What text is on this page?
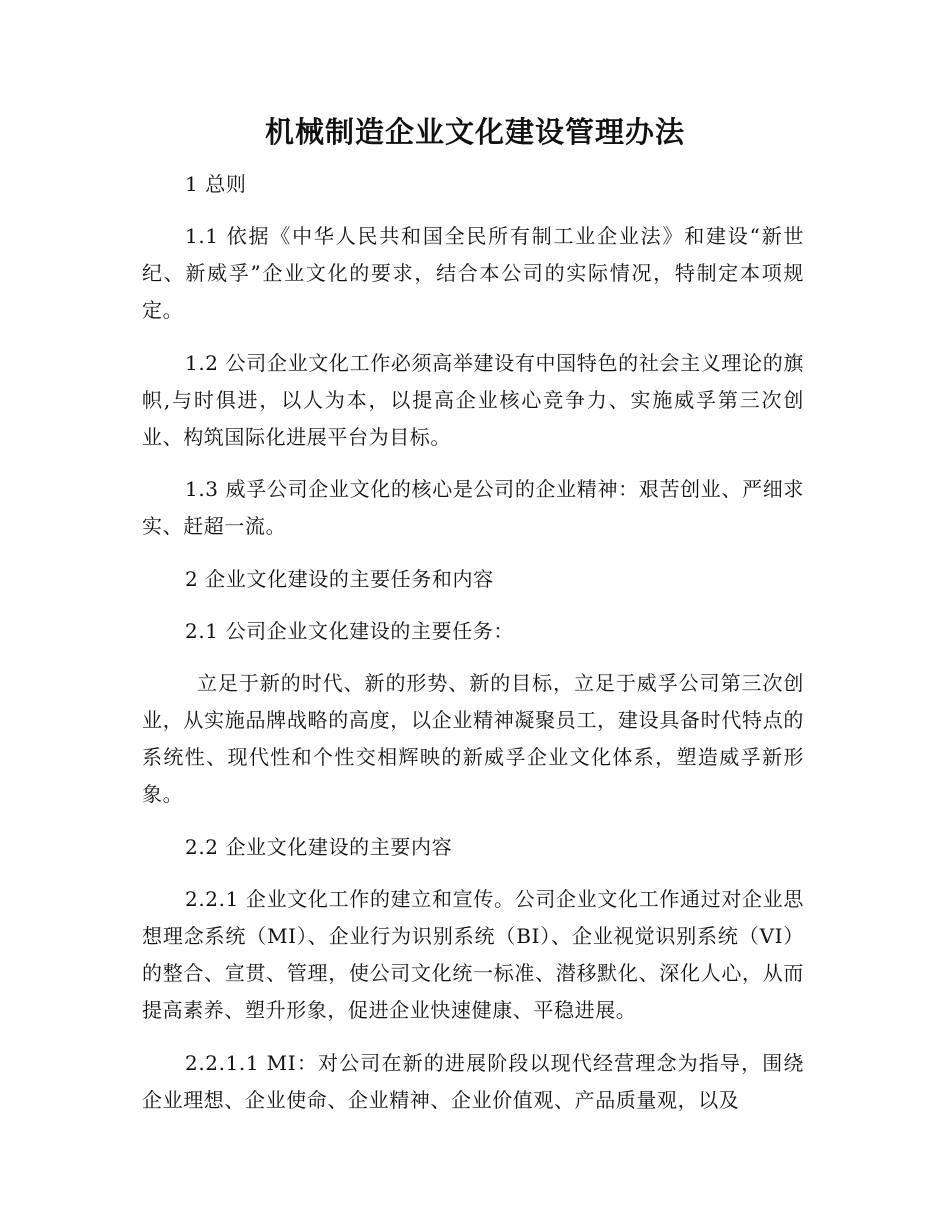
机械制造企业文化建设管理办法

1 总则

1.1 依据《中华人民共和国全民所有制工业企业法》和建设“新世纪、新威孚”企业文化的要求，结合本公司的实际情况，特制定本项规定。

1.2 公司企业文化工作必须高举建设有中国特色的社会主义理论的旗帜,与时俱进，以人为本，以提高企业核心竞争力、实施威孚第三次创业、构筑国际化进展平台为目标。

1.3 威孚公司企业文化的核心是公司的企业精神：艰苦创业、严细求实、赶超一流。

2 企业文化建设的主要任务和内容

2.1 公司企业文化建设的主要任务：

立足于新的时代、新的形势、新的目标，立足于威孚公司第三次创业，从实施品牌战略的高度，以企业精神凝聚员工，建设具备时代特点的系统性、现代性和个性交相辉映的新威孚企业文化体系，塑造威孚新形象。

2.2 企业文化建设的主要内容

2.2.1 企业文化工作的建立和宣传。公司企业文化工作通过对企业思想理念系统（MI）、企业行为识别系统（BI）、企业视觉识别系统（VI）的整合、宣贯、管理，使公司文化统一标准、潜移默化、深化人心，从而提高素养、塑升形象，促进企业快速健康、平稳进展。

2.2.1.1 MI：对公司在新的进展阶段以现代经营理念为指导，围绕企业理想、企业使命、企业精神、企业价值观、产品质量观，以及
